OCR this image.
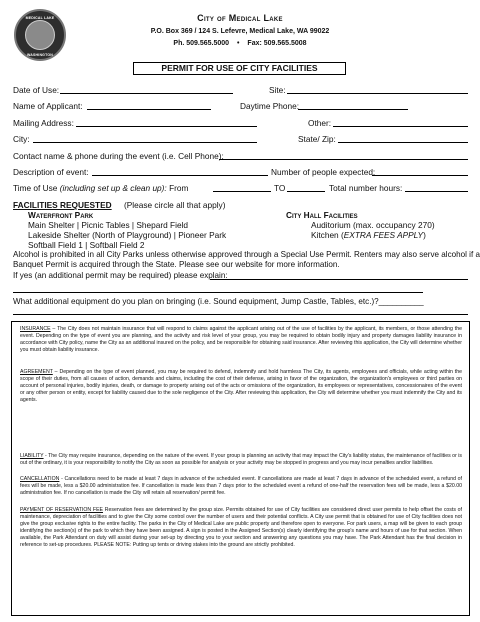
MEDICAL LAKE
WASHINGTON
City of Medical Lake
P.O. Box 369 / 124 S. Lefevre, Medical Lake, WA 99022
Ph. 509.565.5000 • Fax: 509.565.5008
PERMIT FOR USE OF CITY FACILITIES
Date of Use:	Site:
Name of Applicant:	Daytime Phone:
Mailing Address:	Other:
City:	State/ Zip:
Contact name & phone during the event (i.e. Cell Phone):
Description of event:	Number of people expected:
Time of Use (including set up & clean up): From	TO	Total number hours:
FACILITIES REQUESTED (Please circle all that apply)
Waterfront Park
Main Shelter | Picnic Tables | Shepard Field
Lakeside Shelter (North of Playground) | Pioneer Park
Softball Field 1 | Softball Field 2
City Hall Facilities
Auditorium (max. occupancy 270)
Kitchen (EXTRA FEES APPLY)
Alcohol is prohibited in all City Parks unless otherwise approved through a Special Use Permit. Renters may also serve alcohol if a
Banquet Permit is acquired through the State. Please see our website for more information.
If yes (an additional permit may be required) please explain:
What additional equipment do you plan on bringing (i.e. Sound equipment, Jump Castle, Tables, etc.)?__________
INSURANCE – The City does not maintain insurance that will respond to claims against the applicant arising out of the use of facilities by the applicant, its members, or those attending the event. Depending on the type of event you are planning, and the activity and risk level of your group, you may be required to obtain bodily injury and property damages liability insurance in accordance with City policy, name the City as an additional insured on the policy, and be responsible for obtaining said insurance. After reviewing this application, the City will determine whether you must obtain liability insurance.
AGREEMENT – Depending on the type of event planned, you may be required to defend, indemnify and hold harmless The City, its agents, employees and officials, while acting within the scope of their duties, from all causes of action, demands and claims, including the cost of their defense, arising in favor of the organization, the organization's employees or third parties on account of personal injuries, bodily injuries, death, or damage to property arising out of the acts or omissions of the organization, its employees or representatives, concessionaires of the event or any other person or entity, except for liability caused due to the sole negligence of the City. After reviewing this application, the City will determine whether you must indemnify the City and its agents.
LIABILITY - The City may require insurance, depending on the nature of the event. If your group is planning an activity that may impact the City's liability status, the maintenance of facilities or is out of the ordinary, it is your responsibility to notify the City as soon as possible for analysis or your activity may be stopped in progress and you may incur penalties and/or liabilities.
CANCELLATION - Cancellations need to be made at least 7 days in advance of the scheduled event. If cancellations are made at least 7 days in advance of the scheduled event, a refund of fees will be made, less a $20.00 administration fee. If cancellation is made less than 7 days prior to the scheduled event a refund of one-half the reservation fees will be made, less a $20.00 administration fee. If no cancellation is made the City will retain all reservation/ permit fee.
PAYMENT OF RESERVATION FEE Reservation fees are determined by the group size. Permits obtained for use of City facilities are considered direct user permits to help offset the costs of maintenance, depreciation of facilities and to give the City some control over the number of users and their potential conflicts. A City use permit that is obtained for use of City facilities does not give the group exclusive rights to the entire facility. The parks in the City of Medical Lake are public property and therefore open to everyone. For park users, a map will be given to each group identifying the section(s) of the park to which they have been assigned. A sign is posted in the Assigned Section(s) clearly identifying the group's name and hours of use for that section. When available, the Park Attendant on duty will assist during your set-up by directing you to your section and answering any questions you may have. The Park Attendant has the final decision in reference to set-up procedures. PLEASE NOTE: Putting up tents or driving stakes into the ground are strictly prohibited.
